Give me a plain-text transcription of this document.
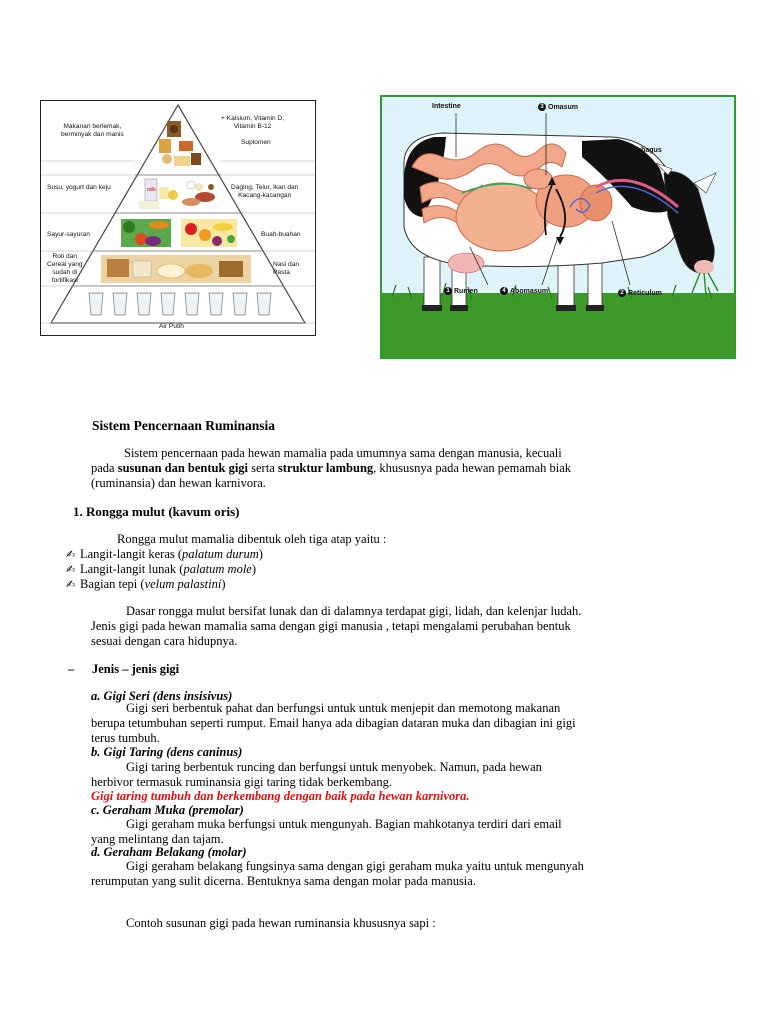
milk
Makanan berlemak,
berminyak dan manis
+ Kalsium, Vitamin D,
Vitamin B-12
Suplomen
Susu, yogurt dan keju	Daging, Telur, Ikan dan
Kacang-kacangan
Sayur-sayuran	Buah-buahan
Roti dan
Cereal yang
sudah di
fortifikasi
Nasi dan
Pasta
Air Putih
Intestine	3 Omasum
Esophagus
1 Rumen	4 Abomasum	2 Reticulum
Sistem Pencernaan Ruminansia
Sistem pencernaan pada hewan mamalia pada umumnya sama dengan manusia, kecuali
pada susunan dan bentuk gigi serta struktur lambung, khususnya pada hewan pemamah biak
(ruminansia) dan hewan karnivora.
1. Rongga mulut (kavum oris)
Rongga mulut mamalia dibentuk oleh tiga atap yaitu :
✍ Langit-langit keras (palatum durum)
✍ Langit-langit lunak (palatum mole)
✍ Bagian tepi (velum palastini)
Dasar rongga mulut bersifat lunak dan di dalamnya terdapat gigi, lidah, dan kelenjar ludah.
Jenis gigi pada hewan mamalia sama dengan gigi manusia , tetapi mengalami perubahan bentuk
sesuai dengan cara hidupnya.
– Jenis – jenis gigi
a. Gigi Seri (dens insisivus)
Gigi seri berbentuk pahat dan berfungsi untuk untuk menjepit dan memotong makanan
berupa tetumbuhan seperti rumput. Email hanya ada dibagian dataran muka dan dibagian ini gigi
terus tumbuh.
b. Gigi Taring (dens caninus)
Gigi taring berbentuk runcing dan berfungsi untuk menyobek. Namun, pada hewan
herbivor termasuk ruminansia gigi taring tidak berkembang.
Gigi taring tumbuh dan berkembang dengan baik pada hewan karnivora.
c. Geraham Muka (premolar)
Gigi geraham muka berfungsi untuk mengunyah. Bagian mahkotanya terdiri dari email
yang melintang dan tajam.
d. Geraham Belakang (molar)
Gigi geraham belakang fungsinya sama dengan gigi geraham muka yaitu untuk mengunyah
rerumputan yang sulit dicerna. Bentuknya sama dengan molar pada manusia.
Contoh susunan gigi pada hewan ruminansia khususnya sapi :
